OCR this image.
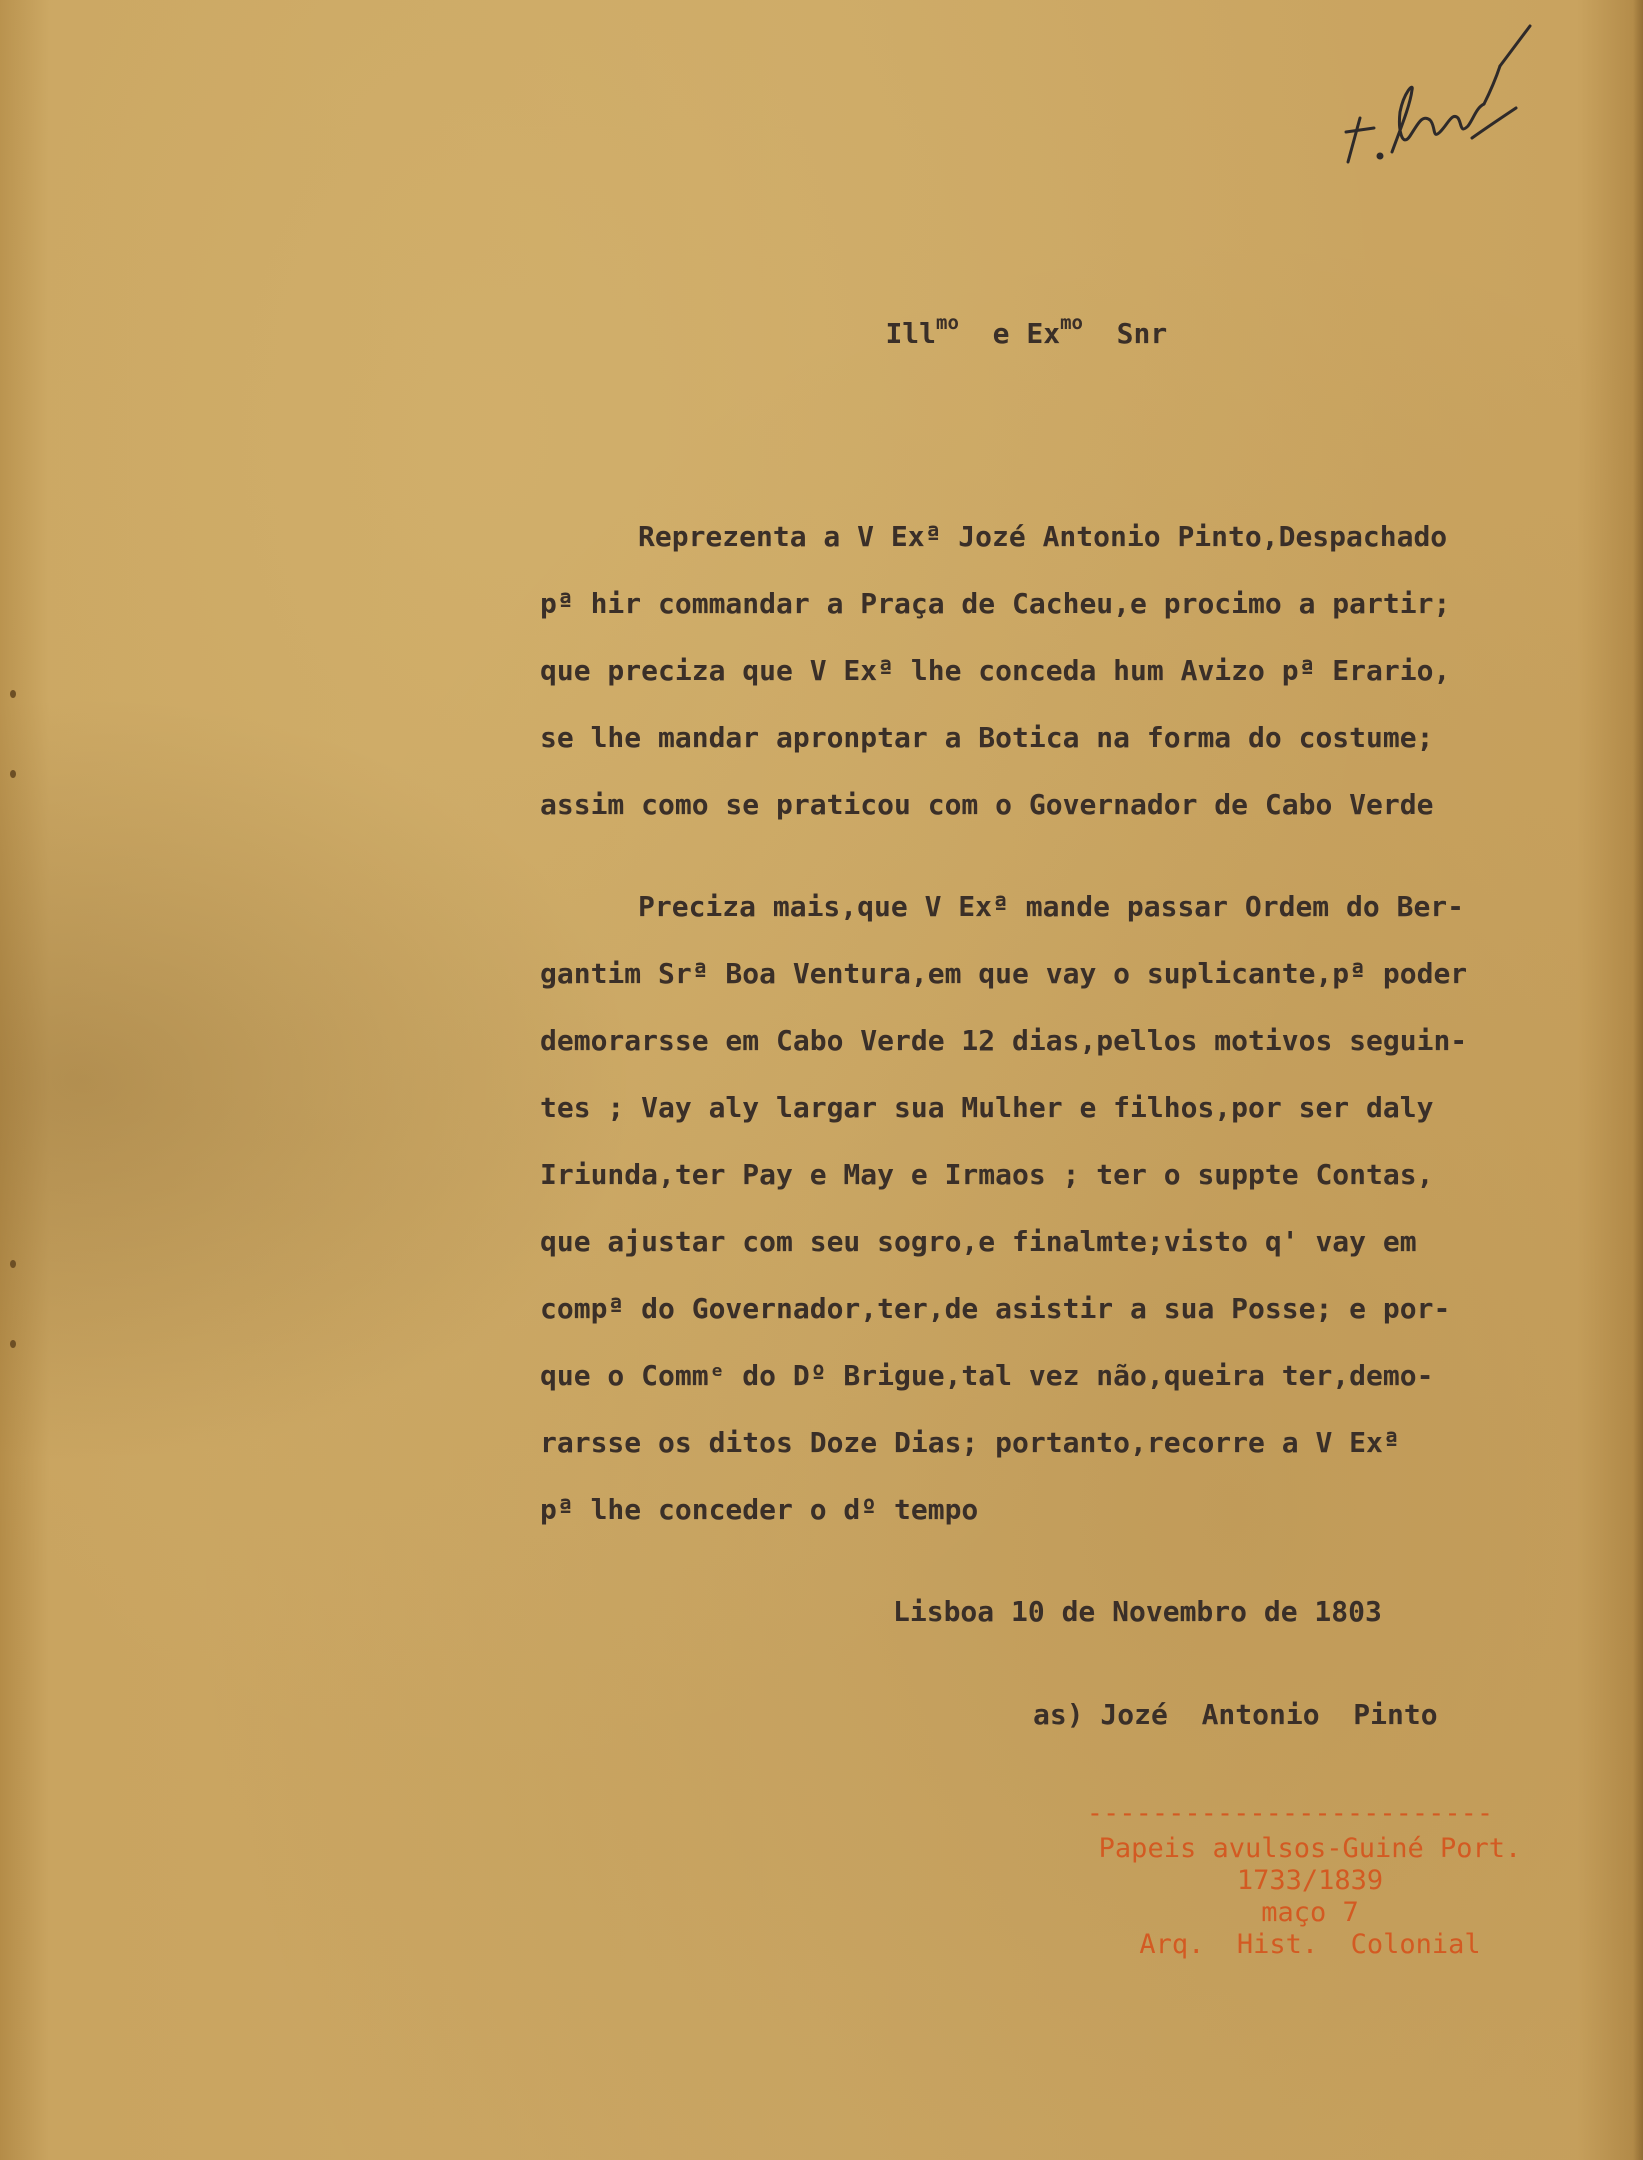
Ill$^{mo}$ e $Ex^{mo}$ Snr

Reprezenta a V Exª Jozé Antonio Pinto,Despachado
pª hir commandar a Praça de Cacheu,e procimo a partir;
que preciza que V Exª lhe conceda hum Avizo pª Erario,
se lhe mandar apronptar a Botica na forma do costume;
assim como se praticou com o Governador de Cabo Verde
Preciza mais,que V Exª mande passar Ordem do Ber-
gantim Srª Boa Ventura,em que vay o suplicante,pª poder
demorarsse em Cabo Verde 12 dias,pellos motivos seguin-
tes ; Vay aly largar sua Mulher e filhos,por ser daly
Iriunda,ter Pay e May e Irmaos ; ter o suppte Contas,
que ajustar com seu sogro,e finalmte;visto q' vay em
compª do Governador,ter,de asistir a sua Posse; e por-
que o Commᵉ do Dº Brigue,tal vez não,queira ter,demo-
rarsse os ditos Doze Dias; portanto,recorre a V Exª
pª lhe conceder o dº tempo
Lisboa 10 de Novembro de 1803
as) Jozé  Antonio  Pinto
-------------------------
Papeis avulsos-Guiné Port.
1733/1839
maço 7
Arq.  Hist.  Colonial
